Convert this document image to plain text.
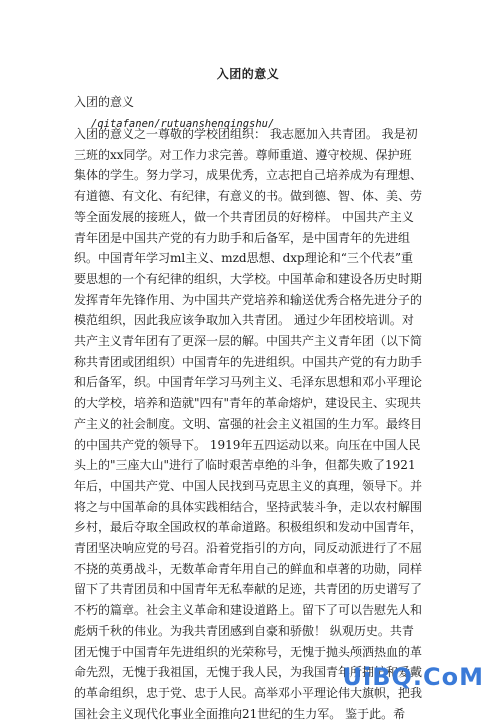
入团的意义
入团的意义
/qitafanen/rutuanshenqingshu/

入团的意义之一尊敬的学校团组织： 我志愿加入共青团。 我是初三班的xx同学。对工作力求完善。尊师重道、遵守校规、保护班集体的学生。努力学习，成果优秀，立志把自己培养成为有理想、有道德、有文化、有纪律，有意义的书。做到德、智、体、美、劳等全面发展的接班人，做一个共青团员的好榜样。 中国共产主义青年团是中国共产党的有力助手和后备军，是中国青年的先进组织。中国青年学习ml主义、mzd思想、dxp理论和“三个代表”重要思想的一个有纪律的组织，大学校。中国革命和建设各历史时期发挥青年先锋作用、为中国共产党培养和输送优秀合格先进分子的模范组织，因此我应该争取加入共青团。 通过少年团校培训。对共产主义青年团有了更深一层的解。中国共产主义青年团（以下简称共青团或团组织）中国青年的先进组织。中国共产党的有力助手和后备军，织。中国青年学习马列主义、毛泽东思想和邓小平理论的大学校，培养和造就"四有"青年的革命熔炉，建设民主、实现共产主义的社会制度。文明、富强的社会主义祖国的生力军。最终目的中国共产党的领导下。 1919年五四运动以来。向压在中国人民头上的"三座大山"进行了临时艰苦卓绝的斗争，但都失败了1921年后，中国共产党、中国人民找到马克思主义的真理，领导下。并将之与中国革命的具体实践相结合，坚持武装斗争，走以农村解围乡村，最后夺取全国政权的革命道路。积极组织和发动中国青年，青团坚决响应党的号召。沿着党指引的方向，同反动派进行了不屈不挠的英勇战斗，无数革命青年用自己的鲜血和卓著的功勋，同样留下了共青团员和中国青年无私奉献的足迹，共青团的历史谱写了不朽的篇章。社会主义革命和建设道路上。留下了可以告慰先人和彪炳千秋的伟业。为我共青团感到自豪和骄傲！ 纵观历史。共青团无愧于中国青年先进组织的光荣称号，无愧于抛头颅洒热血的革命先烈，无愧于我祖国，无愧于我人民，为我国青年所拥护和爱戴的革命组织，忠于党、忠于人民。高举邓小平理论伟大旗帜，把我国社会主义现代化事业全面推向21世纪的生力军。 鉴于此。希

UiBQ.CoM
